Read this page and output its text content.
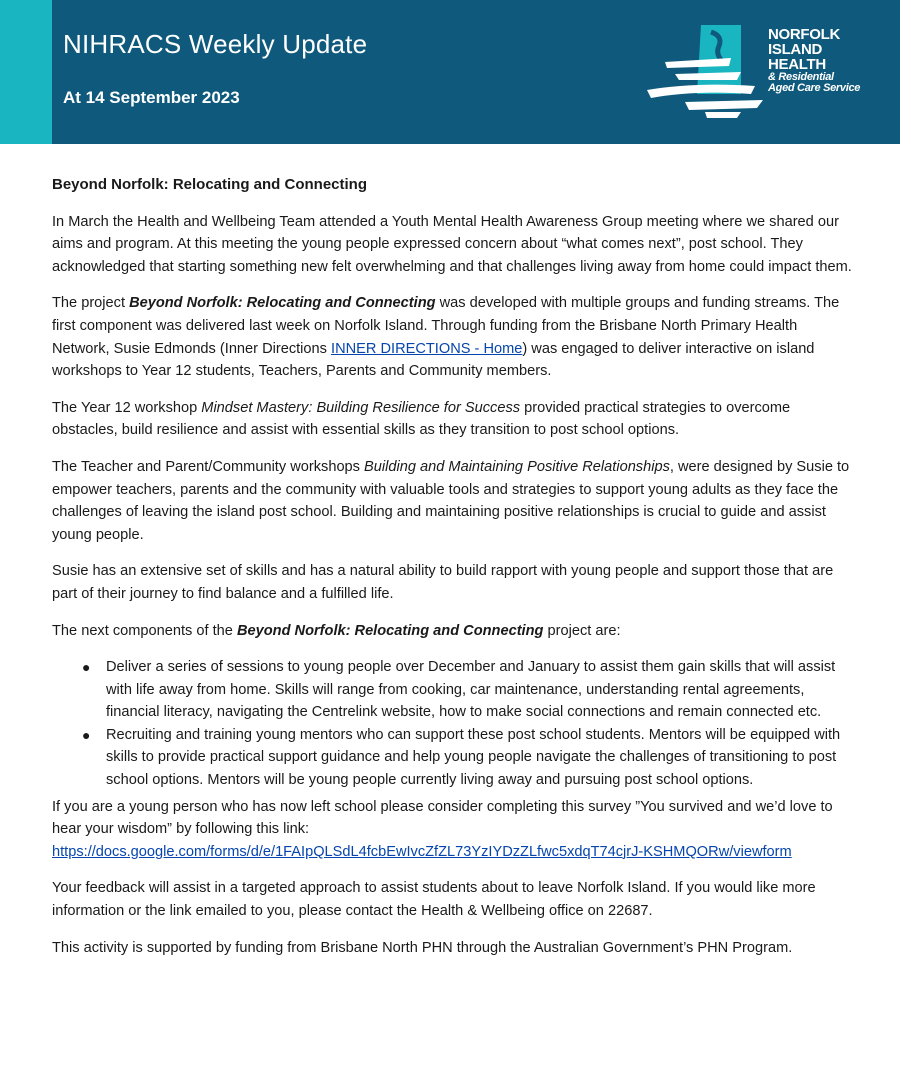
NIHRACS Weekly Update
At 14 September 2023
NORFOLK
ISLAND
HEALTH
& Residential
Aged Care Service
Beyond Norfolk: Relocating and Connecting

In March the Health and Wellbeing Team attended a Youth Mental Health Awareness Group meeting where we shared our aims and program. At this meeting the young people expressed concern about “what comes next”, post school. They acknowledged that starting something new felt overwhelming and that challenges living away from home could impact them.

The project Beyond Norfolk: Relocating and Connecting was developed with multiple groups and funding streams. The first component was delivered last week on Norfolk Island. Through funding from the Brisbane North Primary Health Network, Susie Edmonds (Inner Directions INNER DIRECTIONS - Home) was engaged to deliver interactive on island workshops to Year 12 students, Teachers, Parents and Community members.

The Year 12 workshop Mindset Mastery: Building Resilience for Success provided practical strategies to overcome obstacles, build resilience and assist with essential skills as they transition to post school options.

The Teacher and Parent/Community workshops Building and Maintaining Positive Relationships, were designed by Susie to empower teachers, parents and the community with valuable tools and strategies to support young adults as they face the challenges of leaving the island post school. Building and maintaining positive relationships is crucial to guide and assist young people.

Susie has an extensive set of skills and has a natural ability to build rapport with young people and support those that are part of their journey to find balance and a fulfilled life.

The next components of the Beyond Norfolk: Relocating and Connecting project are:

● Deliver a series of sessions to young people over December and January to assist them gain skills that will assist with life away from home. Skills will range from cooking, car maintenance, understanding rental agreements, financial literacy, navigating the Centrelink website, how to make social connections and remain connected etc.
● Recruiting and training young mentors who can support these post school students. Mentors will be equipped with skills to provide practical support guidance and help young people navigate the challenges of transitioning to post school options. Mentors will be young people currently living away and pursuing post school options.

If you are a young person who has now left school please consider completing this survey ”You survived and we’d love to hear your wisdom” by following this link:
https://docs.google.com/forms/d/e/1FAIpQLSdL4fcbEwIvcZfZL73YzIYDzZLfwc5xdqT74cjrJ-KSHMQORw/viewform

Your feedback will assist in a targeted approach to assist students about to leave Norfolk Island. If you would like more information or the link emailed to you, please contact the Health & Wellbeing office on 22687.

This activity is supported by funding from Brisbane North PHN through the Australian Government’s PHN Program.
